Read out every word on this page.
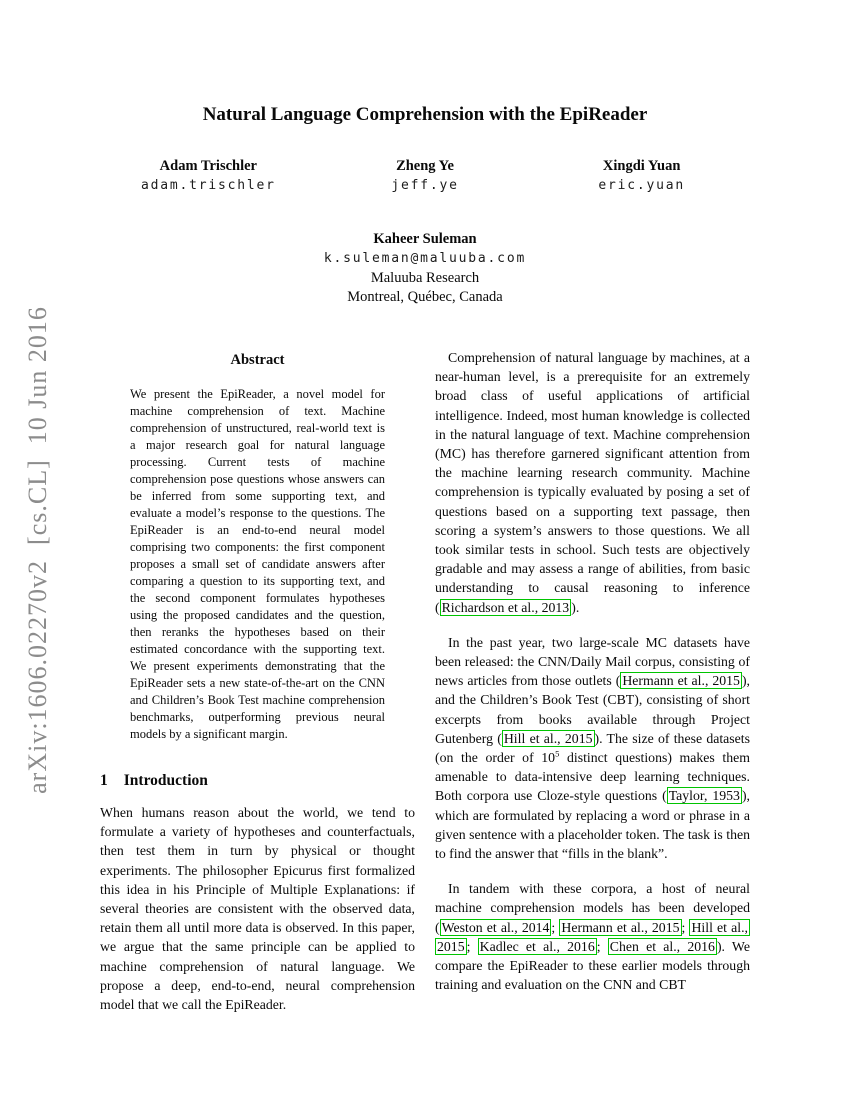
arXiv:1606.02270v2  [cs.CL]  10 Jun 2016
Natural Language Comprehension with the EpiReader
Adam Trischler
adam.trischler
Zheng Ye
jeff.ye
Xingdi Yuan
eric.yuan
Kaheer Suleman
k.suleman@maluuba.com
Maluuba Research
Montreal, Québec, Canada
Abstract

We present the EpiReader, a novel model for machine comprehension of text. Machine comprehension of unstructured, real-world text is a major research goal for natural language processing. Current tests of machine comprehension pose questions whose answers can be inferred from some supporting text, and evaluate a model’s response to the questions. The EpiReader is an end-to-end neural model comprising two components: the first component proposes a small set of candidate answers after comparing a question to its supporting text, and the second component formulates hypotheses using the proposed candidates and the question, then reranks the hypotheses based on their estimated concordance with the supporting text. We present experiments demonstrating that the EpiReader sets a new state-of-the-art on the CNN and Children’s Book Test machine comprehension benchmarks, outperforming previous neural models by a significant margin.

1 Introduction

When humans reason about the world, we tend to formulate a variety of hypotheses and counterfactuals, then test them in turn by physical or thought experiments. The philosopher Epicurus first formalized this idea in his Principle of Multiple Explanations: if several theories are consistent with the observed data, retain them all until more data is observed. In this paper, we argue that the same principle can be applied to machine comprehension of natural language. We propose a deep, end-to-end, neural comprehension model that we call the EpiReader.

Comprehension of natural language by machines, at a near-human level, is a prerequisite for an extremely broad class of useful applications of artificial intelligence. Indeed, most human knowledge is collected in the natural language of text. Machine comprehension (MC) has therefore garnered significant attention from the machine learning research community. Machine comprehension is typically evaluated by posing a set of questions based on a supporting text passage, then scoring a system’s answers to those questions. We all took similar tests in school. Such tests are objectively gradable and may assess a range of abilities, from basic understanding to causal reasoning to inference ( Richardson et al., 2013 ).

In the past year, two large-scale MC datasets have been released: the CNN/Daily Mail corpus, consisting of news articles from those outlets ( Hermann et al., 2015 ), and the Children’s Book Test (CBT), consisting of short excerpts from books available through Project Gutenberg ( Hill et al., 2015 ). The size of these datasets (on the order of $10^5$ distinct questions) makes them amenable to data-intensive deep learning techniques. Both corpora use Cloze-style questions ( Taylor, 1953 ), which are formulated by replacing a word or phrase in a given sentence with a placeholder token. The task is then to find the answer that “fills in the blank”.

In tandem with these corpora, a host of neural machine comprehension models has been developed ( Weston et al., 2014 ; Hermann et al., 2015 ; Hill et al., 2015 ; Kadlec et al., 2016 ; Chen et al., 2016 ). We compare the EpiReader to these earlier models through training and evaluation on the CNN and CBT
